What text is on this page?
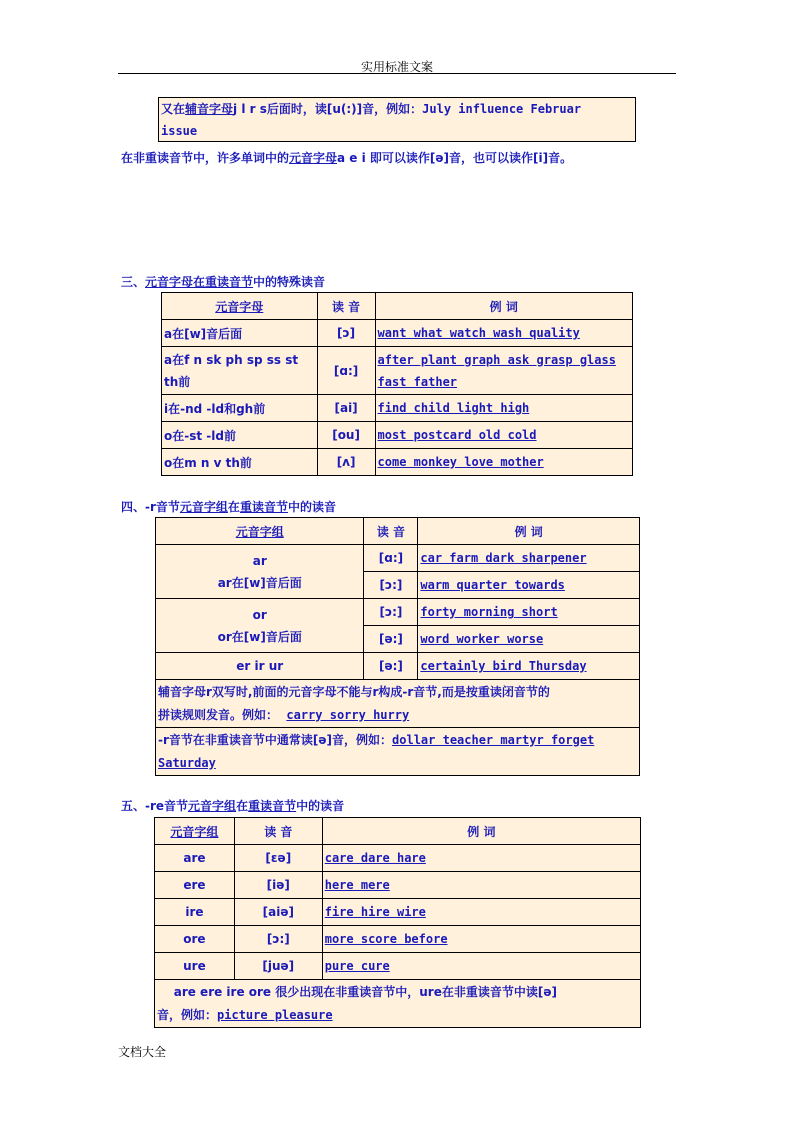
实用标准文案
又在辅音字母j l r s后面时，读[u(:)]音，例如：July influence Februar
issue
在非重读音节中，许多单词中的元音字母a e i 即可以读作[ə]音，也可以读作[i]音。
三、元音字母在重读音节中的特殊读音
元音字母	读 音	例 词
a在[w]音后面	[ɔ]	want what watch wash quality
a在f n sk ph sp ss st
th前	[ɑ:]	after plant graph ask grasp glass
fast father
i在-nd -ld和gh前	[ai]	find child light high
o在-st -ld前	[ou]	most postcard old cold
o在m n v th前	[ʌ]	come monkey love mother
四、-r音节元音字组在重读音节中的读音
元音字组	读 音	例 词
ar
ar在[w]音后面	[ɑ:]	car farm dark sharpener
	[ɔ:]	warm quarter towards
or
or在[w]音后面	[ɔ:]	forty morning short
	[ə:]	word worker worse
er ir ur	[ə:]	certainly bird Thursday
辅音字母r双写时,前面的元音字母不能与r构成-r音节,而是按重读闭音节的
拼读规则发音。例如： carry sorry hurry		
-r音节在非重读音节中通常读[ə]音，例如：dollar teacher martyr forget
Saturday		
五、-re音节元音字组在重读音节中的读音
元音字组	读 音	例 词
are	[εə]	care dare hare
ere	[iə]	here mere
ire	[aiə]	fire hire wire
ore	[ɔ:]	more score before
ure	[juə]	pure cure
are ere ire ore 很少出现在非重读音节中，ure在非重读音节中读[ə]
音，例如：picture pleasure		
文档大全
